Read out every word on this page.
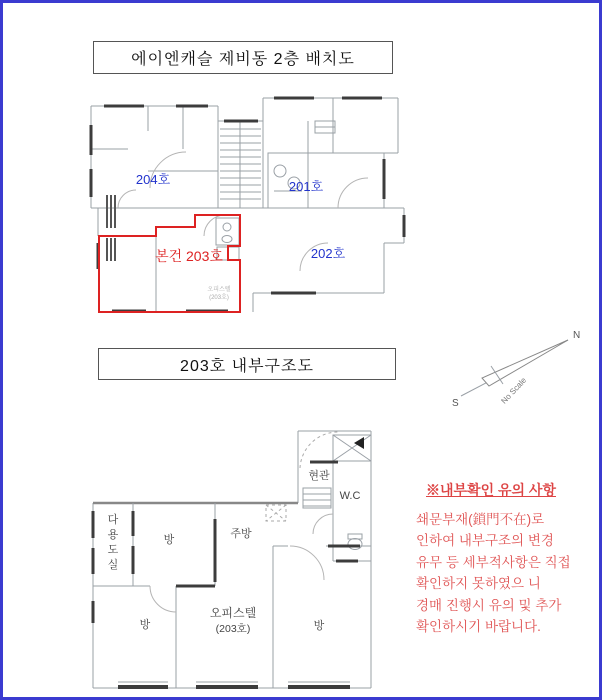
에이엔캐슬 제비동 2층 배치도
204호	201호
202호
본건 203호
오피스텔
(203호)
203호 내부구조도
N
S	No Scale
현관
W.C
다
용
도
실
방	주방
방
오피스텔
(203호)	방
※내부확인 유의 사항
쇄문부재(鎖門不在)로
인하여 내부구조의 변경
유무 등 세부적사항은 직접
확인하지 못하였으 니
경매 진행시 유의 및 추가
확인하시기 바랍니다.
